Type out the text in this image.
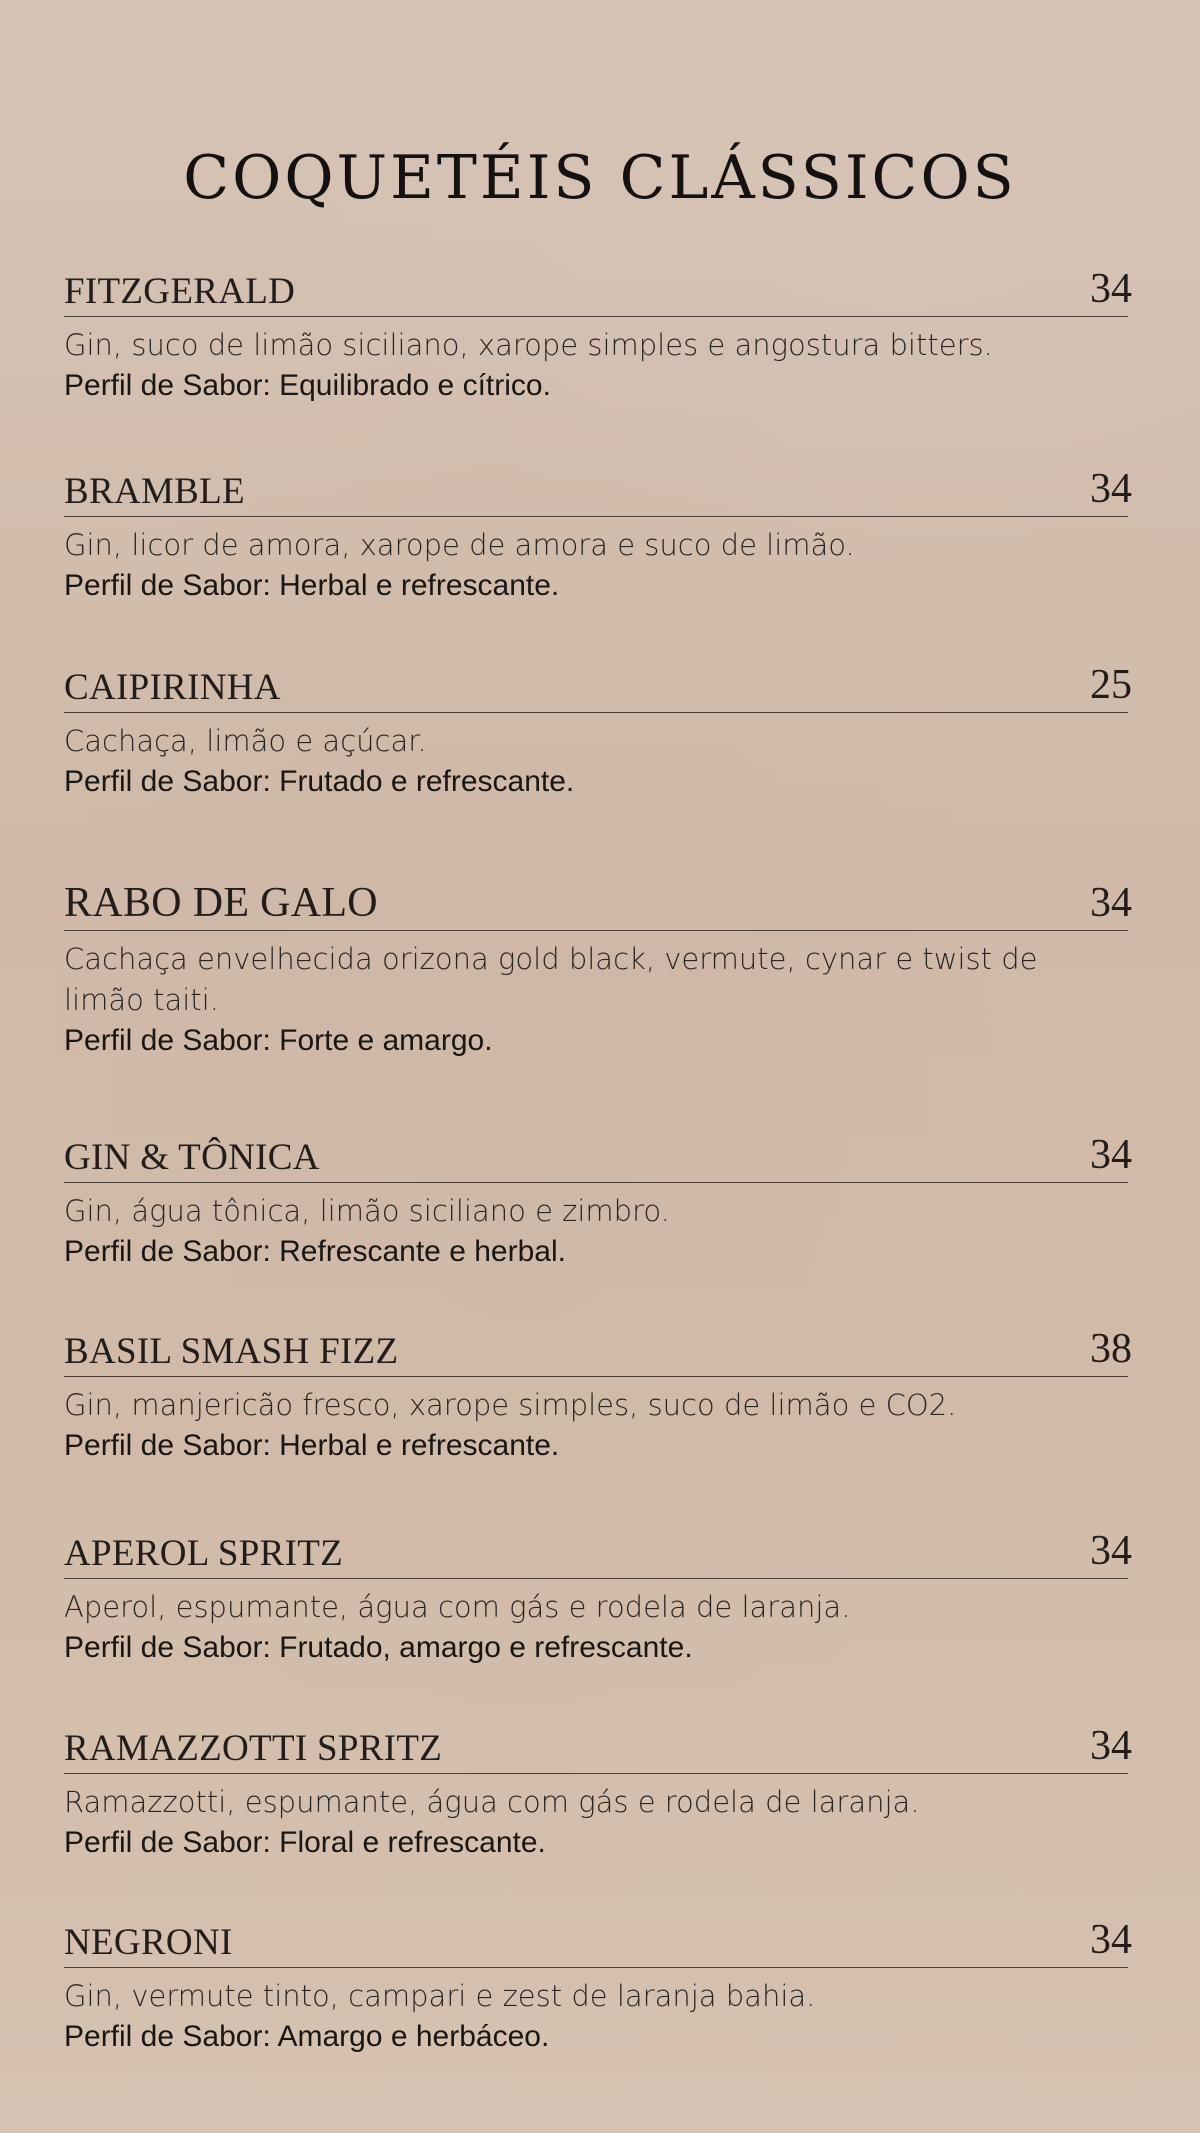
COQUETÉIS CLÁSSICOS
FITZGERALD	34
Gin, suco de limão siciliano, xarope simples e angostura bitters.
Perfil de Sabor: Equilibrado e cítrico.
BRAMBLE	34
Gin, licor de amora, xarope de amora e suco de limão.
Perfil de Sabor: Herbal e refrescante.
CAIPIRINHA	25
Cachaça, limão e açúcar.
Perfil de Sabor: Frutado e refrescante.
RABO DE GALO	34
Cachaça envelhecida orizona gold black, vermute, cynar e twist de limão taiti.
Perfil de Sabor: Forte e amargo.
GIN & TÔNICA	34
Gin, água tônica, limão siciliano e zimbro.
Perfil de Sabor: Refrescante e herbal.
BASIL SMASH FIZZ	38
Gin, manjericão fresco, xarope simples, suco de limão e CO2.
Perfil de Sabor: Herbal e refrescante.
APEROL SPRITZ	34
Aperol, espumante, água com gás e rodela de laranja.
Perfil de Sabor: Frutado, amargo e refrescante.
RAMAZZOTTI SPRITZ	34
Ramazzotti, espumante, água com gás e rodela de laranja.
Perfil de Sabor: Floral e refrescante.
NEGRONI	34
Gin, vermute tinto, campari e zest de laranja bahia.
Perfil de Sabor: Amargo e herbáceo.
